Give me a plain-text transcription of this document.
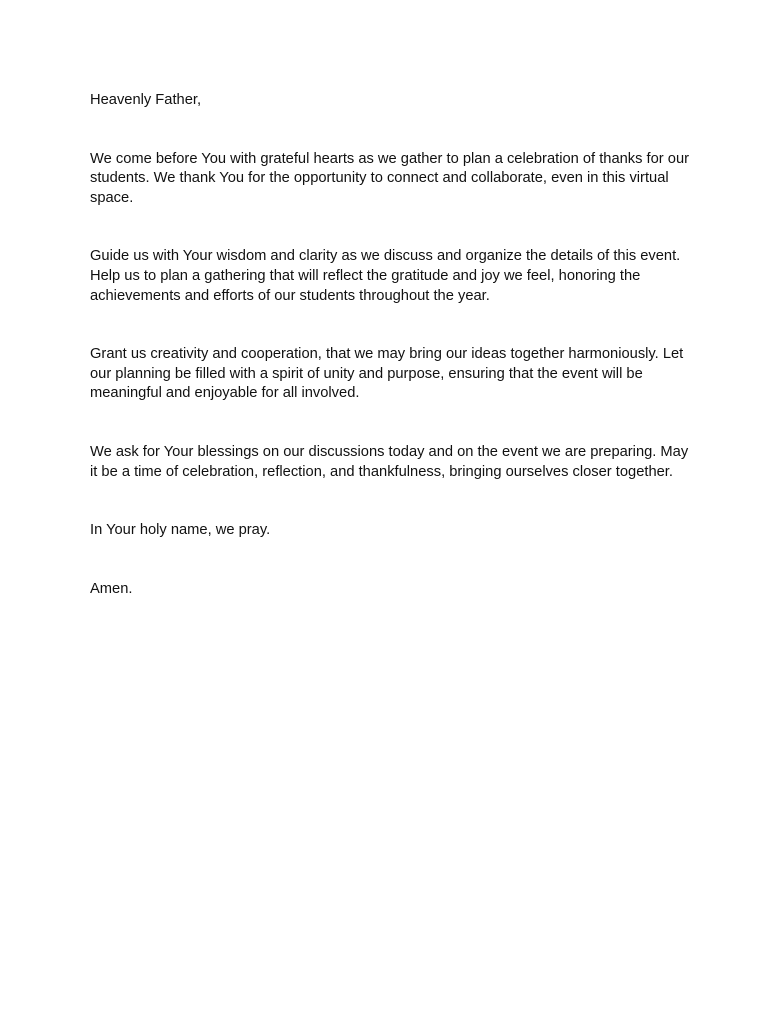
Heavenly Father,

We come before You with grateful hearts as we gather to plan a celebration of thanks for our students. We thank You for the opportunity to connect and collaborate, even in this virtual space.

Guide us with Your wisdom and clarity as we discuss and organize the details of this event. Help us to plan a gathering that will reflect the gratitude and joy we feel, honoring the achievements and efforts of our students throughout the year.

Grant us creativity and cooperation, that we may bring our ideas together harmoniously. Let our planning be filled with a spirit of unity and purpose, ensuring that the event will be meaningful and enjoyable for all involved.

We ask for Your blessings on our discussions today and on the event we are preparing. May it be a time of celebration, reflection, and thankfulness, bringing ourselves closer together.

In Your holy name, we pray.

Amen.
